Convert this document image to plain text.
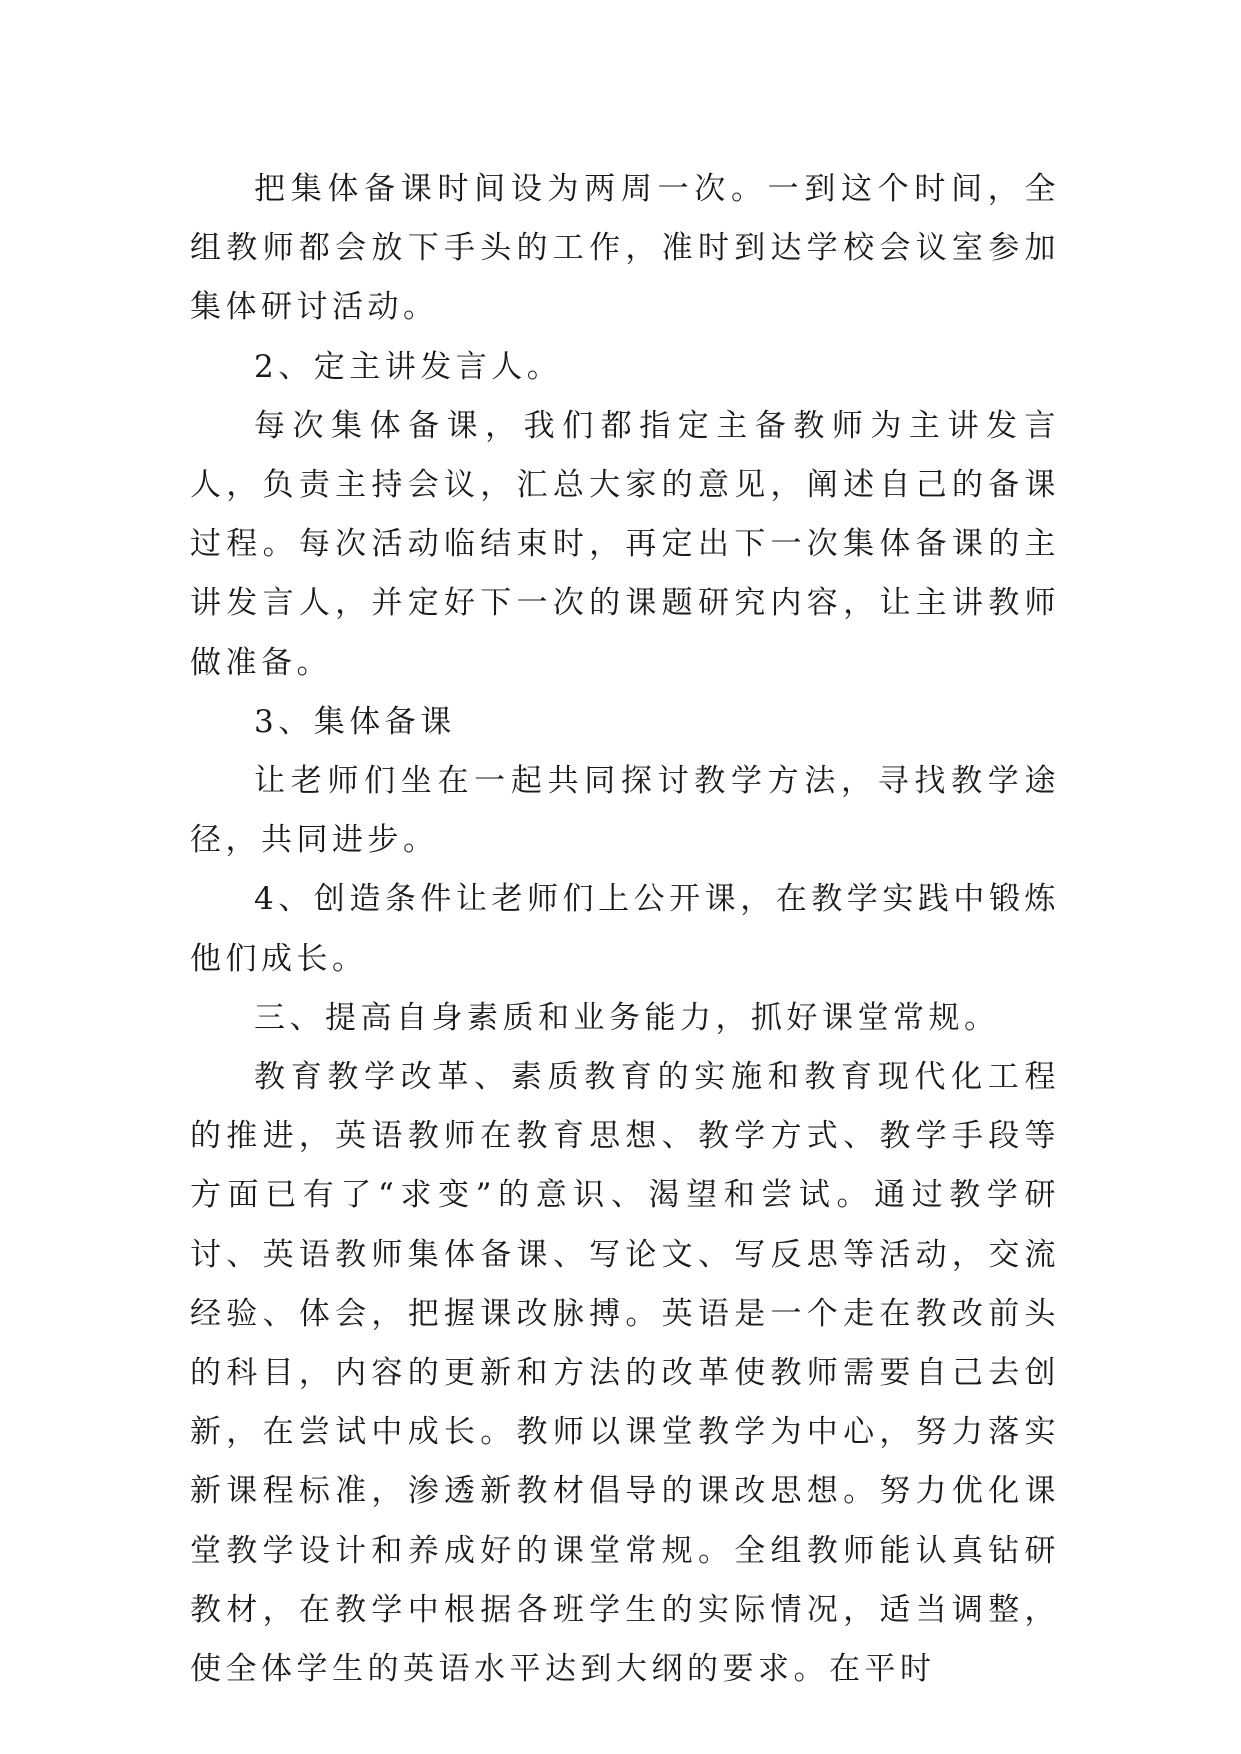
把集体备课时间设为两周一次。一到这个时间，全组教师都会放下手头的工作，准时到达学校会议室参加集体研讨活动。

2、定主讲发言人。

每次集体备课，我们都指定主备教师为主讲发言人，负责主持会议，汇总大家的意见，阐述自己的备课过程。每次活动临结束时，再定出下一次集体备课的主讲发言人，并定好下一次的课题研究内容，让主讲教师做准备。

3、集体备课

让老师们坐在一起共同探讨教学方法，寻找教学途径，共同进步。

4、创造条件让老师们上公开课，在教学实践中锻炼他们成长。

三、提高自身素质和业务能力，抓好课堂常规。

教育教学改革、素质教育的实施和教育现代化工程的推进，英语教师在教育思想、教学方式、教学手段等方面已有了“求变”的意识、渴望和尝试。通过教学研讨、英语教师集体备课、写论文、写反思等活动，交流经验、体会，把握课改脉搏。英语是一个走在教改前头的科目，内容的更新和方法的改革使教师需要自己去创新，在尝试中成长。教师以课堂教学为中心，努力落实新课程标准，渗透新教材倡导的课改思想。努力优化课堂教学设计和养成好的课堂常规。全组教师能认真钻研教材，在教学中根据各班学生的实际情况，适当调整，使全体学生的英语水平达到大纲的要求。在平时
